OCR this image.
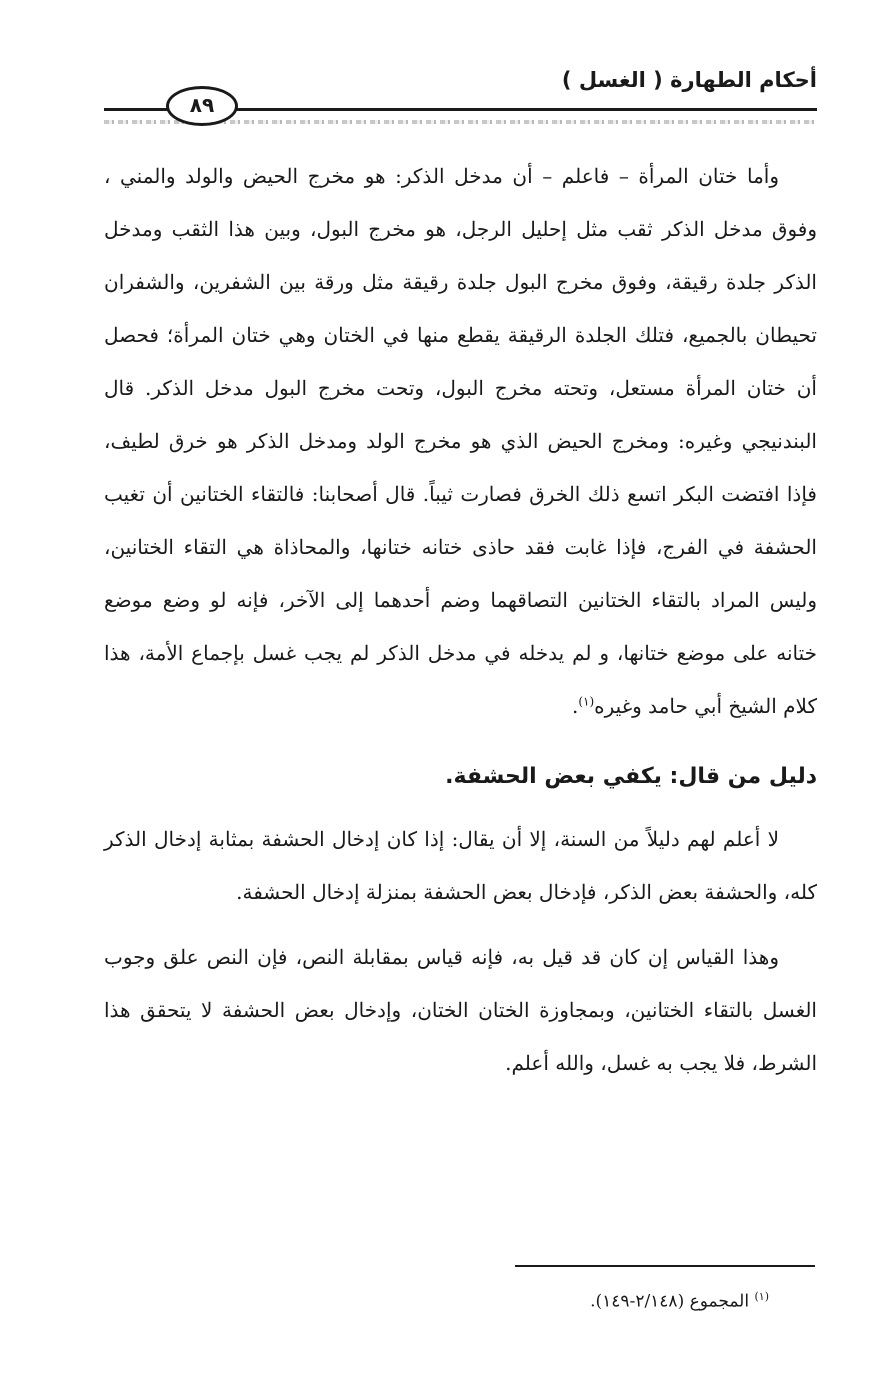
أحكام الطهارة ( الغسل )
٨٩

وأما ختان المرأة – فاعلم – أن مدخل الذكر: هو مخرج الحيض والولد والمني ، وفوق مدخل الذكر ثقب مثل إحليل الرجل، هو مخرج البول، وبين هذا الثقب ومدخل الذكر جلدة رقيقة، وفوق مخرج البول جلدة رقيقة مثل ورقة بين الشفرين، والشفران تحيطان بالجميع، فتلك الجلدة الرقيقة يقطع منها في الختان وهي ختان المرأة؛ فحصل أن ختان المرأة مستعل، وتحته مخرج البول، وتحت مخرج البول مدخل الذكر. قال البندنيجي وغيره: ومخرج الحيض الذي هو مخرج الولد ومدخل الذكر هو خرق لطيف، فإذا افتضت البكر اتسع ذلك الخرق فصارت ثيباً. قال أصحابنا: فالتقاء الختانين أن تغيب الحشفة في الفرج، فإذا غابت فقد حاذى ختانه ختانها، والمحاذاة هي التقاء الختانين، وليس المراد بالتقاء الختانين التصاقهما وضم أحدهما إلى الآخر، فإنه لو وضع موضع ختانه على موضع ختانها، و لم يدخله في مدخل الذكر لم يجب غسل بإجماع الأمة، هذا كلام الشيخ أبي حامد وغيره$^{(١)}$.

دليل من قال: يكفي بعض الحشفة.

لا أعلم لهم دليلاً من السنة، إلا أن يقال: إذا كان إدخال الحشفة بمثابة إدخال الذكر كله، والحشفة بعض الذكر، فإدخال بعض الحشفة بمنزلة إدخال الحشفة.

وهذا القياس إن كان قد قيل به، فإنه قياس بمقابلة النص، فإن النص علق وجوب الغسل بالتقاء الختانين، وبمجاوزة الختان الختان، وإدخال بعض الحشفة لا يتحقق هذا الشرط، فلا يجب به غسل، والله أعلم.

$^{(١)}$ المجموع (٢/١٤٨-١٤٩).
